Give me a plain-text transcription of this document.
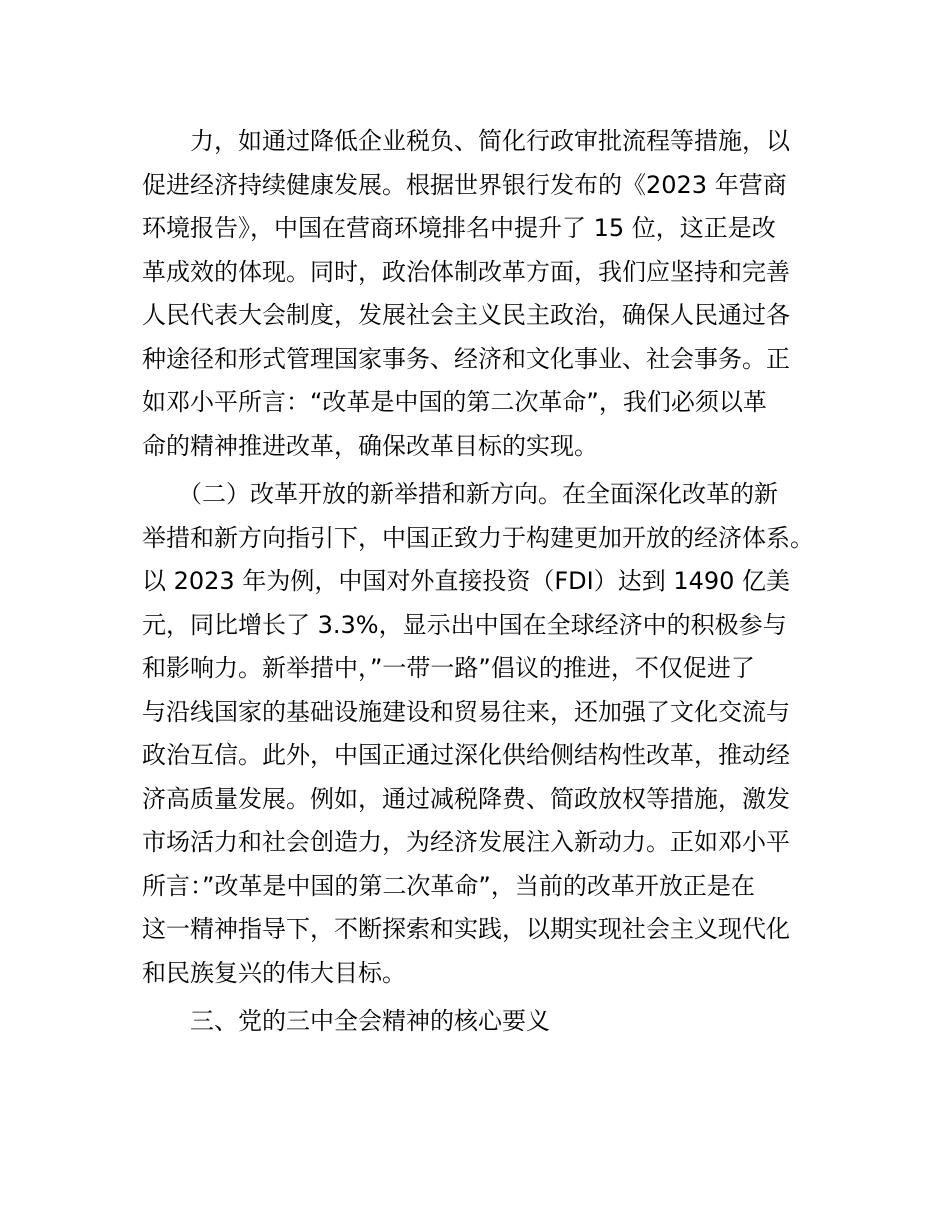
　　力，如通过降低企业税负、简化行政审批流程等措施，以
促进经济持续健康发展。根据世界银行发布的《2023 年营商
环境报告》，中国在营商环境排名中提升了 15 位，这正是改
革成效的体现。同时，政治体制改革方面，我们应坚持和完善
人民代表大会制度，发展社会主义民主政治，确保人民通过各
种途径和形式管理国家事务、经济和文化事业、社会事务。正
如邓小平所言：“改革是中国的第二次革命”，我们必须以革
命的精神推进改革，确保改革目标的实现。
　　（二）改革开放的新举措和新方向。在全面深化改革的新
举措和新方向指引下，中国正致力于构建更加开放的经济体系。
以 2023 年为例，中国对外直接投资（FDI）达到 1490 亿美
元，同比增长了 3.3%，显示出中国在全球经济中的积极参与
和影响力。新举措中，”一带一路”倡议的推进，不仅促进了
与沿线国家的基础设施建设和贸易往来，还加强了文化交流与
政治互信。此外，中国正通过深化供给侧结构性改革，推动经
济高质量发展。例如，通过减税降费、简政放权等措施，激发
市场活力和社会创造力，为经济发展注入新动力。正如邓小平
所言：”改革是中国的第二次革命”，当前的改革开放正是在
这一精神指导下，不断探索和实践，以期实现社会主义现代化
和民族复兴的伟大目标。
　　三、党的三中全会精神的核心要义
